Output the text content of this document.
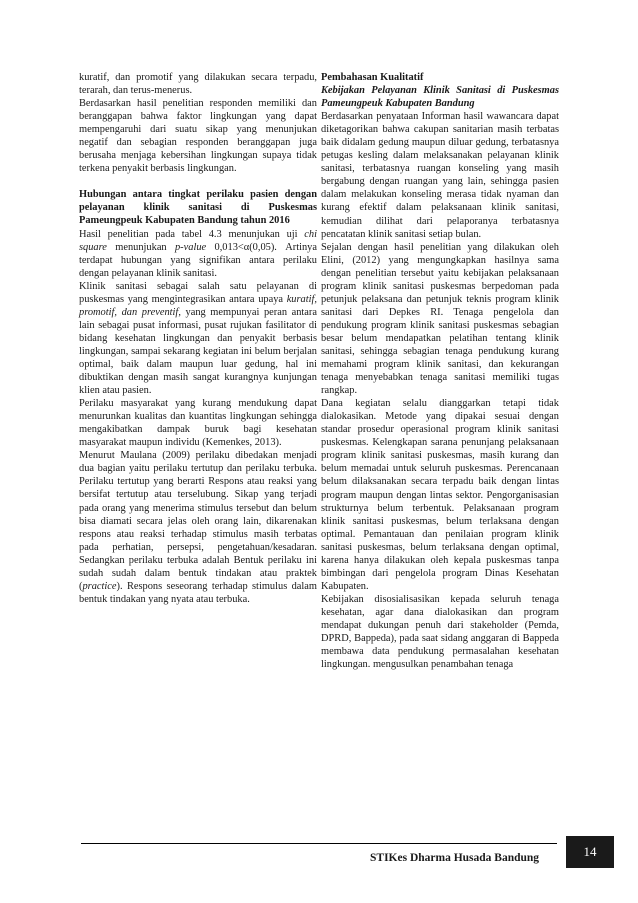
kuratif, dan promotif yang dilakukan secara terpadu, terarah, dan terus-menerus.

Berdasarkan hasil penelitian responden memiliki dan beranggapan bahwa faktor lingkungan yang dapat mempengaruhi dari suatu sikap yang menunjukan negatif dan sebagian responden beranggapan juga berusaha menjaga kebersihan lingkungan supaya tidak terkena penyakit berbasis lingkungan.

Hubungan antara tingkat perilaku pasien dengan pelayanan klinik sanitasi di Puskesmas Pameungpeuk Kabupaten Bandung tahun 2016

Hasil penelitian pada tabel 4.3 menunjukan uji chi square menunjukan p-value 0,013<α(0,05). Artinya terdapat hubungan yang signifikan antara perilaku dengan pelayanan klinik sanitasi.

Klinik sanitasi sebagai salah satu pelayanan di puskesmas yang mengintegrasikan antara upaya kuratif, promotif, dan preventif, yang mempunyai peran antara lain sebagai pusat informasi, pusat rujukan fasilitator di bidang kesehatan lingkungan dan penyakit berbasis lingkungan, sampai sekarang kegiatan ini belum berjalan optimal, baik dalam maupun luar gedung, hal ini dibuktikan dengan masih sangat kurangnya kunjungan klien atau pasien.

Perilaku masyarakat yang kurang mendukung dapat menurunkan kualitas dan kuantitas lingkungan sehingga mengakibatkan dampak buruk bagi kesehatan masyarakat maupun individu (Kemenkes, 2013).

Menurut Maulana (2009) perilaku dibedakan menjadi dua bagian yaitu perilaku tertutup dan perilaku terbuka. Perilaku tertutup yang berarti Respons atau reaksi yang bersifat tertutup atau terselubung. Sikap yang terjadi pada orang yang menerima stimulus tersebut dan belum bisa diamati secara jelas oleh orang lain, dikarenakan respons atau reaksi terhadap stimulus masih terbatas pada perhatian, persepsi, pengetahuan/kesadaran. Sedangkan perilaku terbuka adalah Bentuk perilaku ini sudah sudah dalam bentuk tindakan atau praktek (practice). Respons seseorang terhadap stimulus dalam bentuk tindakan yang nyata atau terbuka.

Pembahasan Kualitatif

Kebijakan Pelayanan Klinik Sanitasi di Puskesmas Pameungpeuk Kabupaten Bandung

Berdasarkan penyataan Informan hasil wawancara dapat diketagorikan bahwa cakupan sanitarian masih terbatas baik didalam gedung maupun diluar gedung, terbatasnya petugas kesling dalam melaksanakan pelayanan klinik sanitasi, terbatasnya ruangan konseling yang masih bergabung dengan ruangan yang lain, sehingga pasien dalam melakukan konseling merasa tidak nyaman dan kurang efektif dalam pelaksanaan klinik sanitasi, kemudian dilihat dari pelaporanya terbatasnya pencatatan klinik sanitasi setiap bulan.

Sejalan dengan hasil penelitian yang dilakukan oleh Elini, (2012) yang mengungkapkan hasilnya sama dengan penelitian tersebut yaitu kebijakan pelaksanaan program klinik sanitasi puskesmas berpedoman pada petunjuk pelaksana dan petunjuk teknis program klinik sanitasi dari Depkes RI. Tenaga pengelola dan pendukung program klinik sanitasi puskesmas sebagian besar belum mendapatkan pelatihan tentang klinik sanitasi, sehingga sebagian tenaga pendukung kurang memahami program klinik sanitasi, dan kekurangan tenaga menyebabkan tenaga sanitasi memiliki tugas rangkap.

Dana kegiatan selalu dianggarkan tetapi tidak dialokasikan. Metode yang dipakai sesuai dengan standar prosedur operasional program klinik sanitasi puskesmas. Kelengkapan sarana penunjang pelaksanaan program klinik sanitasi puskesmas, masih kurang dan belum memadai untuk seluruh puskesmas. Perencanaan belum dilaksanakan secara terpadu baik dengan lintas program maupun dengan lintas sektor. Pengorganisasian strukturnya belum terbentuk. Pelaksanaan program klinik sanitasi puskesmas, belum terlaksana dengan optimal. Pemantauan dan penilaian program klinik sanitasi puskesmas, belum terlaksana dengan optimal, karena hanya dilakukan oleh kepala puskesmas tanpa bimbingan dari pengelola program Dinas Kesehatan Kabupaten.

Kebijakan disosialisasikan kepada seluruh tenaga kesehatan, agar dana dialokasikan dan program mendapat dukungan penuh dari stakeholder (Pemda, DPRD, Bappeda), pada saat sidang anggaran di Bappeda membawa data pendukung permasalahan kesehatan lingkungan. mengusulkan penambahan tenaga

STIKes Dharma Husada Bandung	14
